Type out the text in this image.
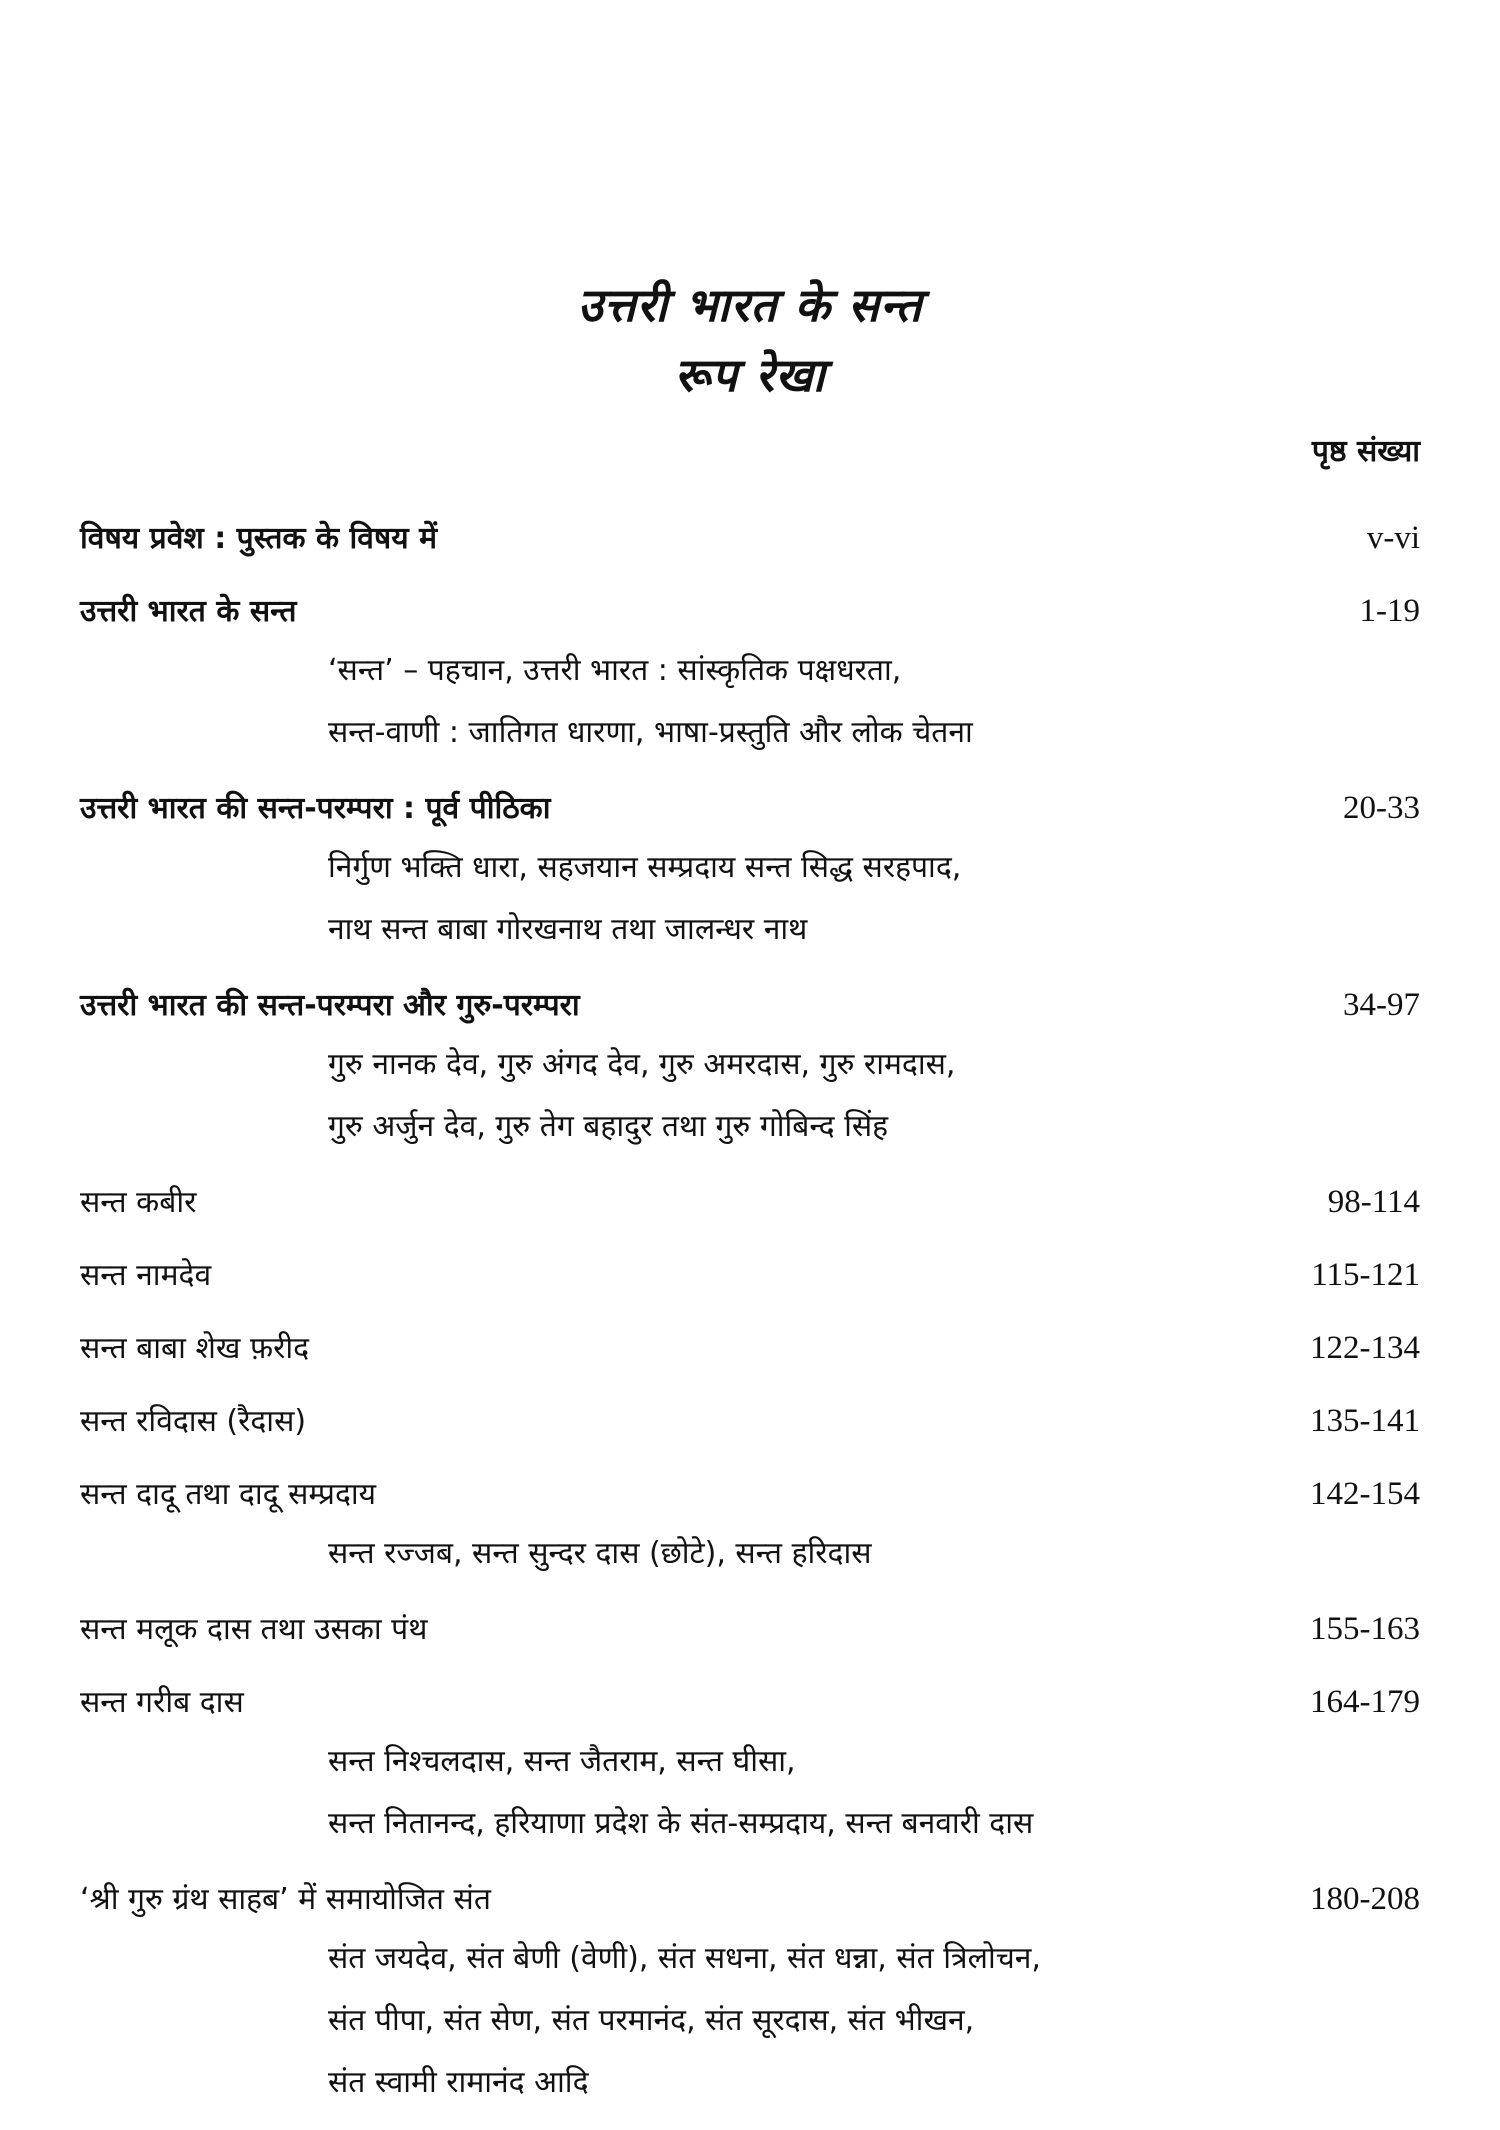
उत्तरी भारत के सन्त
रूप रेखा
पृष्ठ संख्या
विषय प्रवेश : पुस्तक के विषय में	v-vi
उत्तरी भारत के सन्त	1-19
‘सन्त’ – पहचान, उत्तरी भारत : सांस्कृतिक पक्षधरता,
सन्त-वाणी : जातिगत धारणा, भाषा-प्रस्तुति और लोक चेतना
उत्तरी भारत की सन्त-परम्परा : पूर्व पीठिका	20-33
निर्गुण भक्ति धारा, सहजयान सम्प्रदाय सन्त सिद्ध सरहपाद,
नाथ सन्त बाबा गोरखनाथ तथा जालन्धर नाथ
उत्तरी भारत की सन्त-परम्परा और गुरु-परम्परा	34-97
गुरु नानक देव, गुरु अंगद देव, गुरु अमरदास, गुरु रामदास,
गुरु अर्जुन देव, गुरु तेग बहादुर तथा गुरु गोबिन्द सिंह
सन्त कबीर	98-114
सन्त नामदेव	115-121
सन्त बाबा शेख फ़रीद	122-134
सन्त रविदास (रैदास)	135-141
सन्त दादू तथा दादू सम्प्रदाय	142-154
सन्त रज्जब, सन्त सुन्दर दास (छोटे), सन्त हरिदास
सन्त मलूक दास तथा उसका पंथ	155-163
सन्त गरीब दास	164-179
सन्त निश्चलदास, सन्त जैतराम, सन्त घीसा,
सन्त नितानन्द, हरियाणा प्रदेश के संत-सम्प्रदाय, सन्त बनवारी दास
‘श्री गुरु ग्रंथ साहब’ में समायोजित संत	180-208
संत जयदेव, संत बेणी (वेणी), संत सधना, संत धन्ना, संत त्रिलोचन,
संत पीपा, संत सेण, संत परमानंद, संत सूरदास, संत भीखन,
संत स्वामी रामानंद आदि
